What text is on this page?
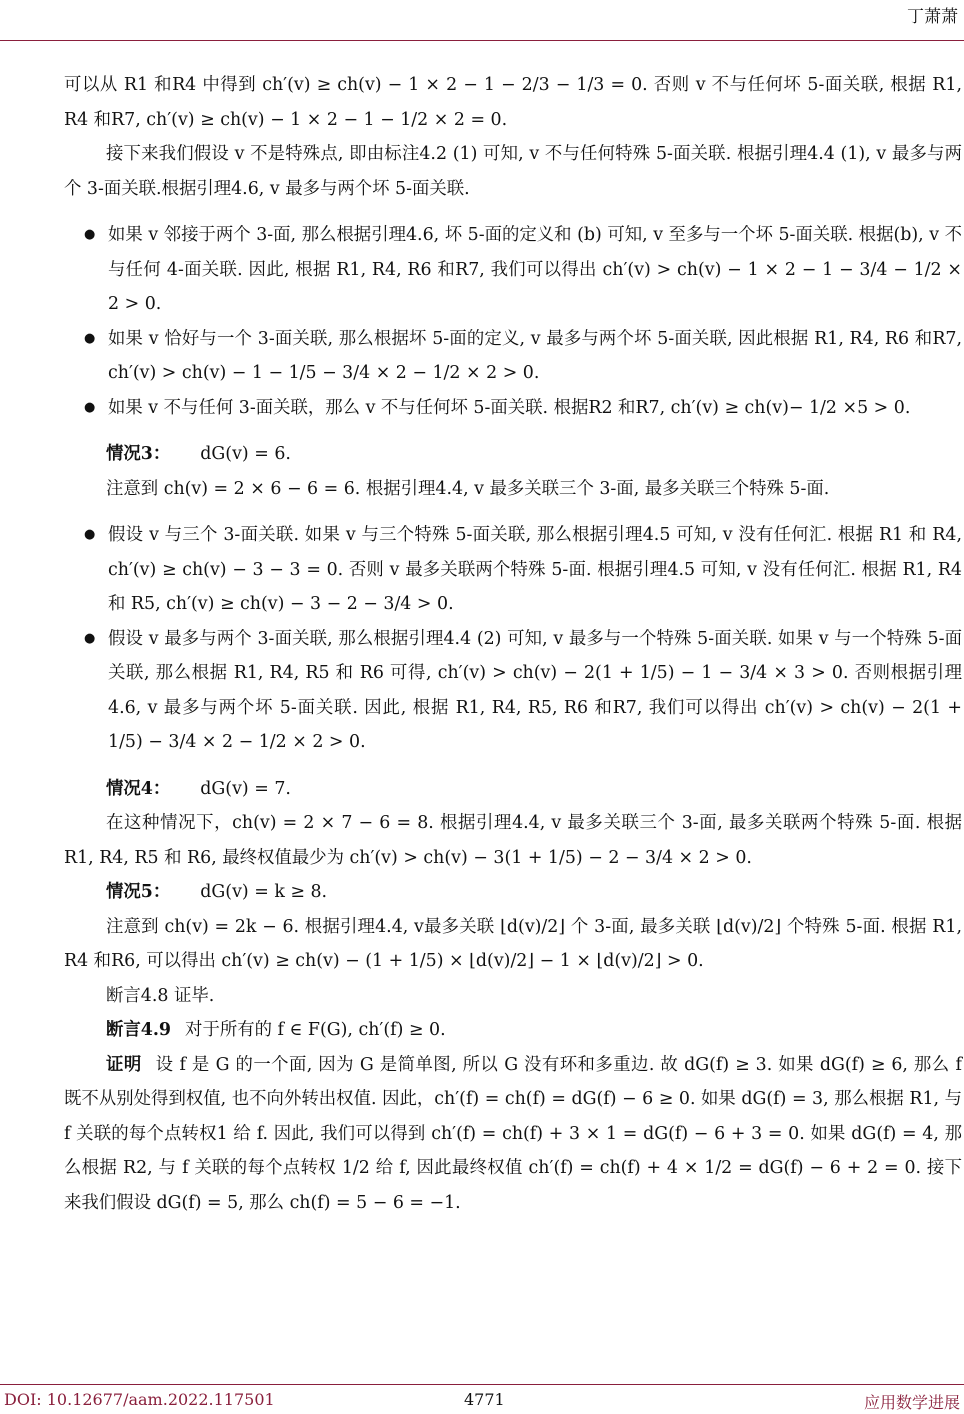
丁萧萧

可以从 R1 和R4 中得到 ch′(v) ≥ ch(v) − 1 × 2 − 1 − 2/3 − 1/3 = 0. 否则 v 不与任何坏 5-面关联, 根据 R1, R4 和R7, ch′(v) ≥ ch(v) − 1 × 2 − 1 − 1/2 × 2 = 0.

接下来我们假设 v 不是特殊点, 即由标注4.2 (1) 可知, v 不与任何特殊 5-面关联. 根据引理4.4 (1), v 最多与两个 3-面关联.根据引理4.6, v 最多与两个坏 5-面关联.

● 如果 v 邻接于两个 3-面, 那么根据引理4.6, 坏 5-面的定义和 (b) 可知, v 至多与一个坏 5-面关联. 根据(b), v 不与任何 4-面关联. 因此, 根据 R1, R4, R6 和R7, 我们可以得出 ch′(v) > ch(v) − 1 × 2 − 1 − 3/4 − 1/2 × 2 > 0.
● 如果 v 恰好与一个 3-面关联, 那么根据坏 5-面的定义, v 最多与两个坏 5-面关联, 因此根据 R1, R4, R6 和R7, ch′(v) > ch(v) − 1 − 1/5 − 3/4 × 2 − 1/2 × 2 > 0.
● 如果 v 不与任何 3-面关联，那么 v 不与任何坏 5-面关联. 根据R2 和R7, ch′(v) ≥ ch(v)− 1/2 ×5 > 0.

情况3： dG(v) = 6.

注意到 ch(v) = 2 × 6 − 6 = 6. 根据引理4.4, v 最多关联三个 3-面, 最多关联三个特殊 5-面.

● 假设 v 与三个 3-面关联. 如果 v 与三个特殊 5-面关联, 那么根据引理4.5 可知, v 没有任何汇. 根据 R1 和 R4, ch′(v) ≥ ch(v) − 3 − 3 = 0. 否则 v 最多关联两个特殊 5-面. 根据引理4.5 可知, v 没有任何汇. 根据 R1, R4 和 R5, ch′(v) ≥ ch(v) − 3 − 2 − 3/4 > 0.
● 假设 v 最多与两个 3-面关联, 那么根据引理4.4 (2) 可知, v 最多与一个特殊 5-面关联. 如果 v 与一个特殊 5-面关联, 那么根据 R1, R4, R5 和 R6 可得, ch′(v) > ch(v) − 2(1 + 1/5) − 1 − 3/4 × 3 > 0. 否则根据引理4.6, v 最多与两个坏 5-面关联. 因此, 根据 R1, R4, R5, R6 和R7, 我们可以得出 ch′(v) > ch(v) − 2(1 + 1/5) − 3/4 × 2 − 1/2 × 2 > 0.

情况4： dG(v) = 7.

在这种情况下，ch(v) = 2 × 7 − 6 = 8. 根据引理4.4, v 最多关联三个 3-面, 最多关联两个特殊 5-面. 根据 R1, R4, R5 和 R6, 最终权值最少为 ch′(v) > ch(v) − 3(1 + 1/5) − 2 − 3/4 × 2 > 0.

情况5： dG(v) = k ≥ 8.

注意到 ch(v) = 2k − 6. 根据引理4.4, v最多关联 ⌊d(v)/2⌋ 个 3-面, 最多关联 ⌊d(v)/2⌋ 个特殊 5-面. 根据 R1, R4 和R6, 可以得出 ch′(v) ≥ ch(v) − (1 + 1/5) × ⌊d(v)/2⌋ − 1 × ⌊d(v)/2⌋ > 0.

断言4.8 证毕.

断言4.9 对于所有的 f ∈ F(G), ch′(f) ≥ 0.

证明 设 f 是 G 的一个面, 因为 G 是简单图, 所以 G 没有环和多重边. 故 dG(f) ≥ 3. 如果 dG(f) ≥ 6, 那么 f 既不从别处得到权值, 也不向外转出权值. 因此，ch′(f) = ch(f) = dG(f) − 6 ≥ 0. 如果 dG(f) = 3, 那么根据 R1, 与 f 关联的每个点转权1 给 f. 因此, 我们可以得到 ch′(f) = ch(f) + 3 × 1 = dG(f) − 6 + 3 = 0. 如果 dG(f) = 4, 那么根据 R2, 与 f 关联的每个点转权 1/2 给 f, 因此最终权值 ch′(f) = ch(f) + 4 × 1/2 = dG(f) − 6 + 2 = 0. 接下来我们假设 dG(f) = 5, 那么 ch(f) = 5 − 6 = −1.

DOI: 10.12677/aam.2022.117501	4771	应用数学进展
